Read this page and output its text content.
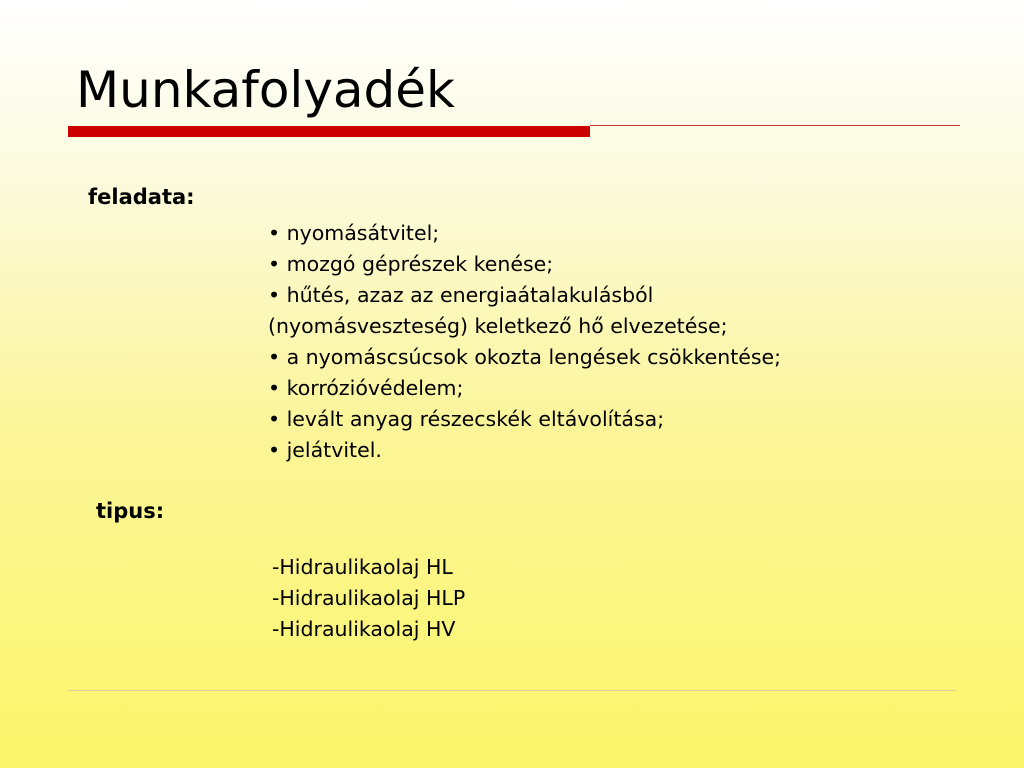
Munkafolyadék
feladata:
• nyomásátvitel;
• mozgó géprészek kenése;
• hűtés, azaz az energiaátalakulásból
(nyomásveszteség) keletkező hő elvezetése;
• a nyomáscsúcsok okozta lengések csökkentése;
• korrózióvédelem;
• levált anyag részecskék eltávolítása;
• jelátvitel.
tipus:
-Hidraulikaolaj HL
-Hidraulikaolaj HLP
-Hidraulikaolaj HV
